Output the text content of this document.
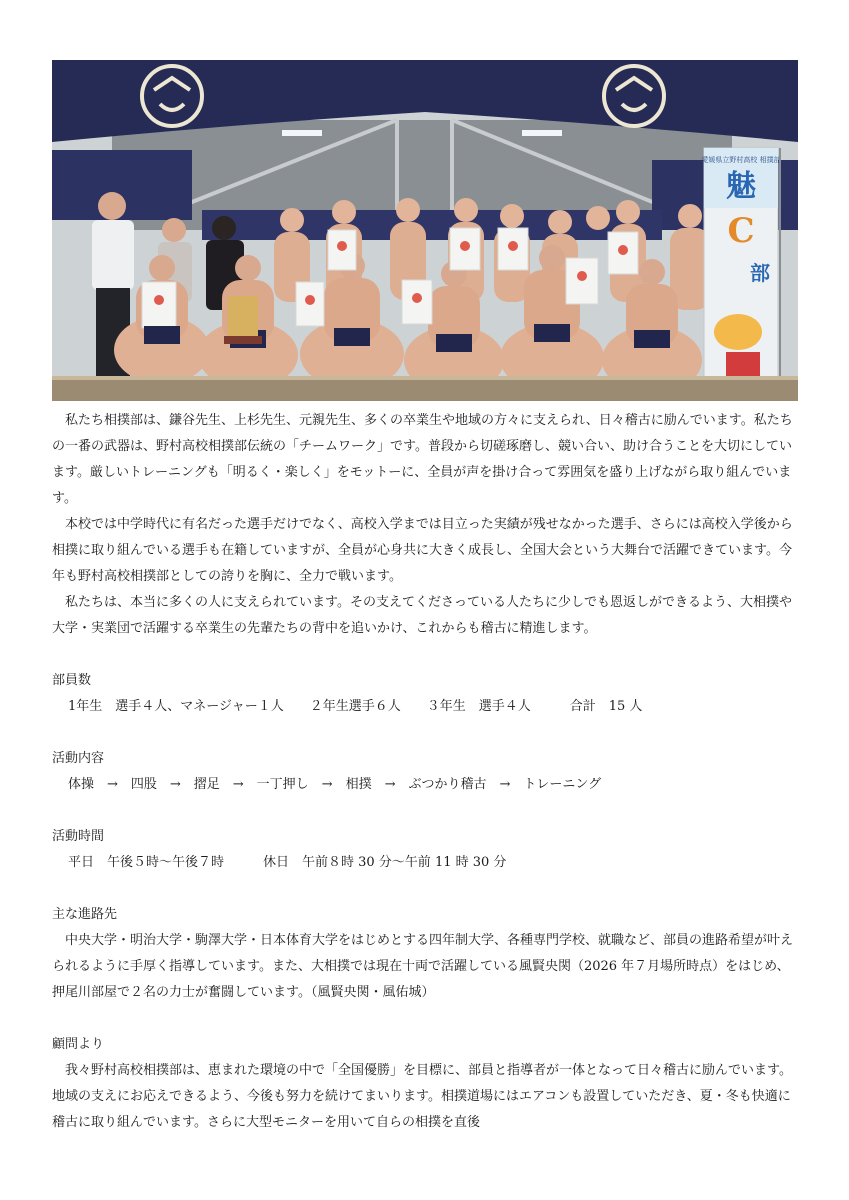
愛媛県立野村高校 相撲部
魅
C
部

私たち相撲部は、鎌谷先生、上杉先生、元親先生、多くの卒業生や地域の方々に支えられ、日々稽古に励んでいます。私たちの一番の武器は、野村高校相撲部伝統の「チームワーク」です。普段から切磋琢磨し、競い合い、助け合うことを大切にしています。厳しいトレーニングも「明るく・楽しく」をモットーに、全員が声を掛け合って雰囲気を盛り上げながら取り組んでいます。

本校では中学時代に有名だった選手だけでなく、高校入学までは目立った実績が残せなかった選手、さらには高校入学後から相撲に取り組んでいる選手も在籍していますが、全員が心身共に大きく成長し、全国大会という大舞台で活躍できています。今年も野村高校相撲部としての誇りを胸に、全力で戦います。

私たちは、本当に多くの人に支えられています。その支えてくださっている人たちに少しでも恩返しができるよう、大相撲や大学・実業団で活躍する卒業生の先輩たちの背中を追いかけ、これからも稽古に精進します。

部員数
1年生　選手４人、マネージャー１人　　２年生選手６人　　３年生　選手４人　　　合計　15 人
活動内容
体操　→　四股　→　摺足　→　一丁押し　→　相撲　→　ぶつかり稽古　→　トレーニング
活動時間
平日　午後５時〜午後７時　　　休日　午前８時 30 分〜午前 11 時 30 分
主な進路先

中央大学・明治大学・駒澤大学・日本体育大学をはじめとする四年制大学、各種専門学校、就職など、部員の進路希望が叶えられるように手厚く指導しています。また、大相撲では現在十両で活躍している風賢央関（2026 年７月場所時点）をはじめ、押尾川部屋で２名の力士が奮闘しています。（風賢央関・風佑城）

顧問より

我々野村高校相撲部は、恵まれた環境の中で「全国優勝」を目標に、部員と指導者が一体となって日々稽古に励んでいます。地域の支えにお応えできるよう、今後も努力を続けてまいります。相撲道場にはエアコンも設置していただき、夏・冬も快適に稽古に取り組んでいます。さらに大型モニターを用いて自らの相撲を直後
